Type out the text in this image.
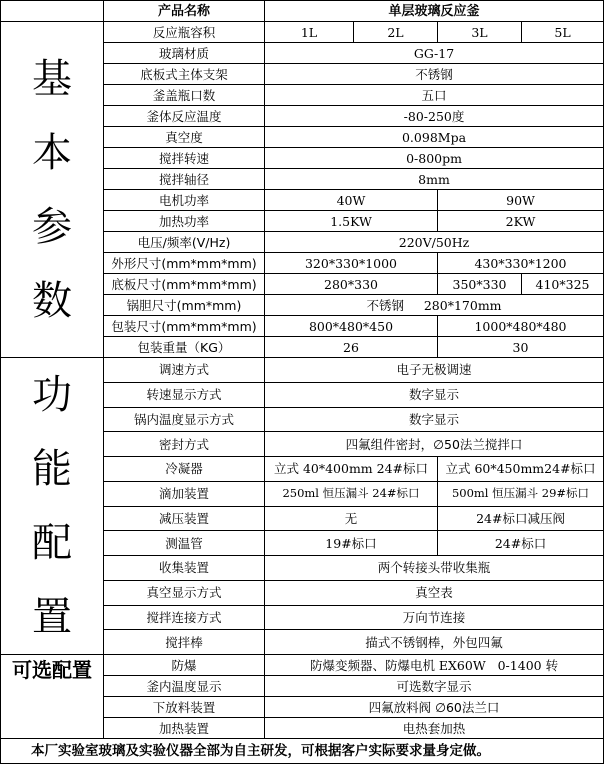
	产品名称	单层玻璃反应釜			

基
本
参
数	反应瓶容积	1L	2L	3L	5L
	玻璃材质	GG-17			
	底板式主体支架	不锈钢			
	釜盖瓶口数	五口			
	釜体反应温度	-80-250度			
	真空度	0.098Mpa			
	搅拌转速	0-800pm			
	搅拌轴径	8mm			
	电机功率	40W		90W	
	加热功率	1.5KW		2KW	
	电压/频率(V/Hz)	220V/50Hz			
	外形尺寸(mm*mm*mm)	320*330*1000		430*330*1200	
	底板尺寸(mm*mm*mm)	280*330		350*330	410*325
	锅胆尺寸(mm*mm)	不锈钢     280*170mm			
	包装尺寸(mm*mm*mm)	800*480*450		1000*480*480	
	包装重量（KG）	26		30	

功
能
配
置	调速方式	电子无极调速			
	转速显示方式	数字显示			
	锅内温度显示方式	数字显示			
	密封方式	四氟组件密封，∅50法兰搅拌口			
	冷凝器	立式 40*400mm 24#标口		立式 60*450mm24#标口	
	滴加装置	250ml 恒压漏斗 24#标口		500ml 恒压漏斗 29#标口	
	减压装置	无		24#标口减压阀	
	测温管	19#标口		24#标口	
	收集装置	两个转接头带收集瓶			
	真空显示方式	真空表			
	搅拌连接方式	万向节连接			
	搅拌棒	描式不锈钢棒，外包四氟			
可选配置	防爆	防爆变频器、防爆电机 EX60W   0-1400 转			
	釜内温度显示	可选数字显示			
	下放料装置	四氟放料阀 ∅60法兰口			
	加热装置	电热套加热			
本厂实验室玻璃及实验仪器全部为自主研发，可根据客户实际要求量身定做。					
